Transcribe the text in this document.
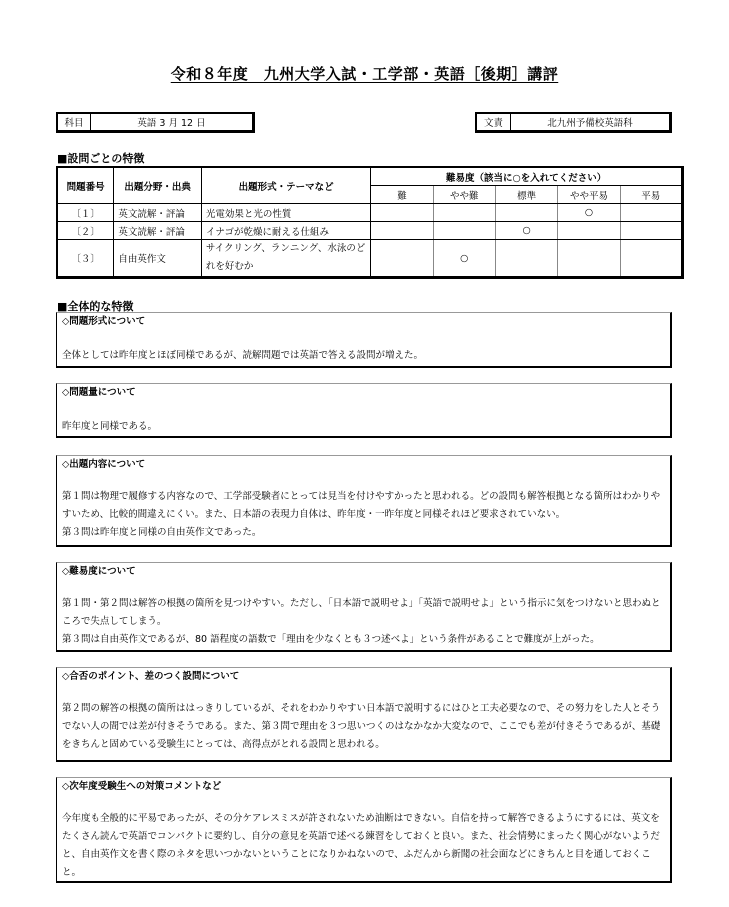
令和８年度　九州大学入試・工学部・英語［後期］講評
科目	英語 3 月 12 日	文責	北九州予備校英語科
■設問ごとの特徴
問題番号	出題分野・出典	出題形式・テーマなど	難易度（該当に○を入れてください）				
			難	やや難	標準	やや平易	平易
〔１〕	英文読解・評論	光電効果と光の性質				○	
〔２〕	英文読解・評論	イナゴが乾燥に耐える仕組み			○		
〔３〕	自由英作文	サイクリング、ランニング、水泳のどれを好むか		○			
■全体的な特徴
◇問題形式について

全体としては昨年度とほぼ同様であるが、読解問題では英語で答える設問が増えた。

◇問題量について

昨年度と同様である。

◇出題内容について

第１問は物理で履修する内容なので、工学部受験者にとっては見当を付けやすかったと思われる。どの設問も解答根拠となる箇所はわかりやすいため、比較的間違えにくい。また、日本語の表現力自体は、昨年度・一昨年度と同様それほど要求されていない。

第３問は昨年度と同様の自由英作文であった。

◇難易度について

第１問・第２問は解答の根拠の箇所を見つけやすい。ただし、「日本語で説明せよ」「英語で説明せよ」という指示に気をつけないと思わぬところで失点してしまう。

第３問は自由英作文であるが、80 語程度の語数で「理由を少なくとも３つ述べよ」という条件があることで難度が上がった。

◇合否のポイント、差のつく設問について

第２問の解答の根拠の箇所ははっきりしているが、それをわかりやすい日本語で説明するにはひと工夫必要なので、その努力をした人とそうでない人の間では差が付きそうである。また、第３問で理由を３つ思いつくのはなかなか大変なので、ここでも差が付きそうであるが、基礎をきちんと固めている受験生にとっては、高得点がとれる設問と思われる。

◇次年度受験生への対策コメントなど

今年度も全般的に平易であったが、その分ケアレスミスが許されないため油断はできない。自信を持って解答できるようにするには、英文をたくさん読んで英語でコンパクトに要約し、自分の意見を英語で述べる練習をしておくと良い。また、社会情勢にまったく関心がないようだと、自由英作文を書く際のネタを思いつかないということになりかねないので、ふだんから新聞の社会面などにきちんと目を通しておくこと。
